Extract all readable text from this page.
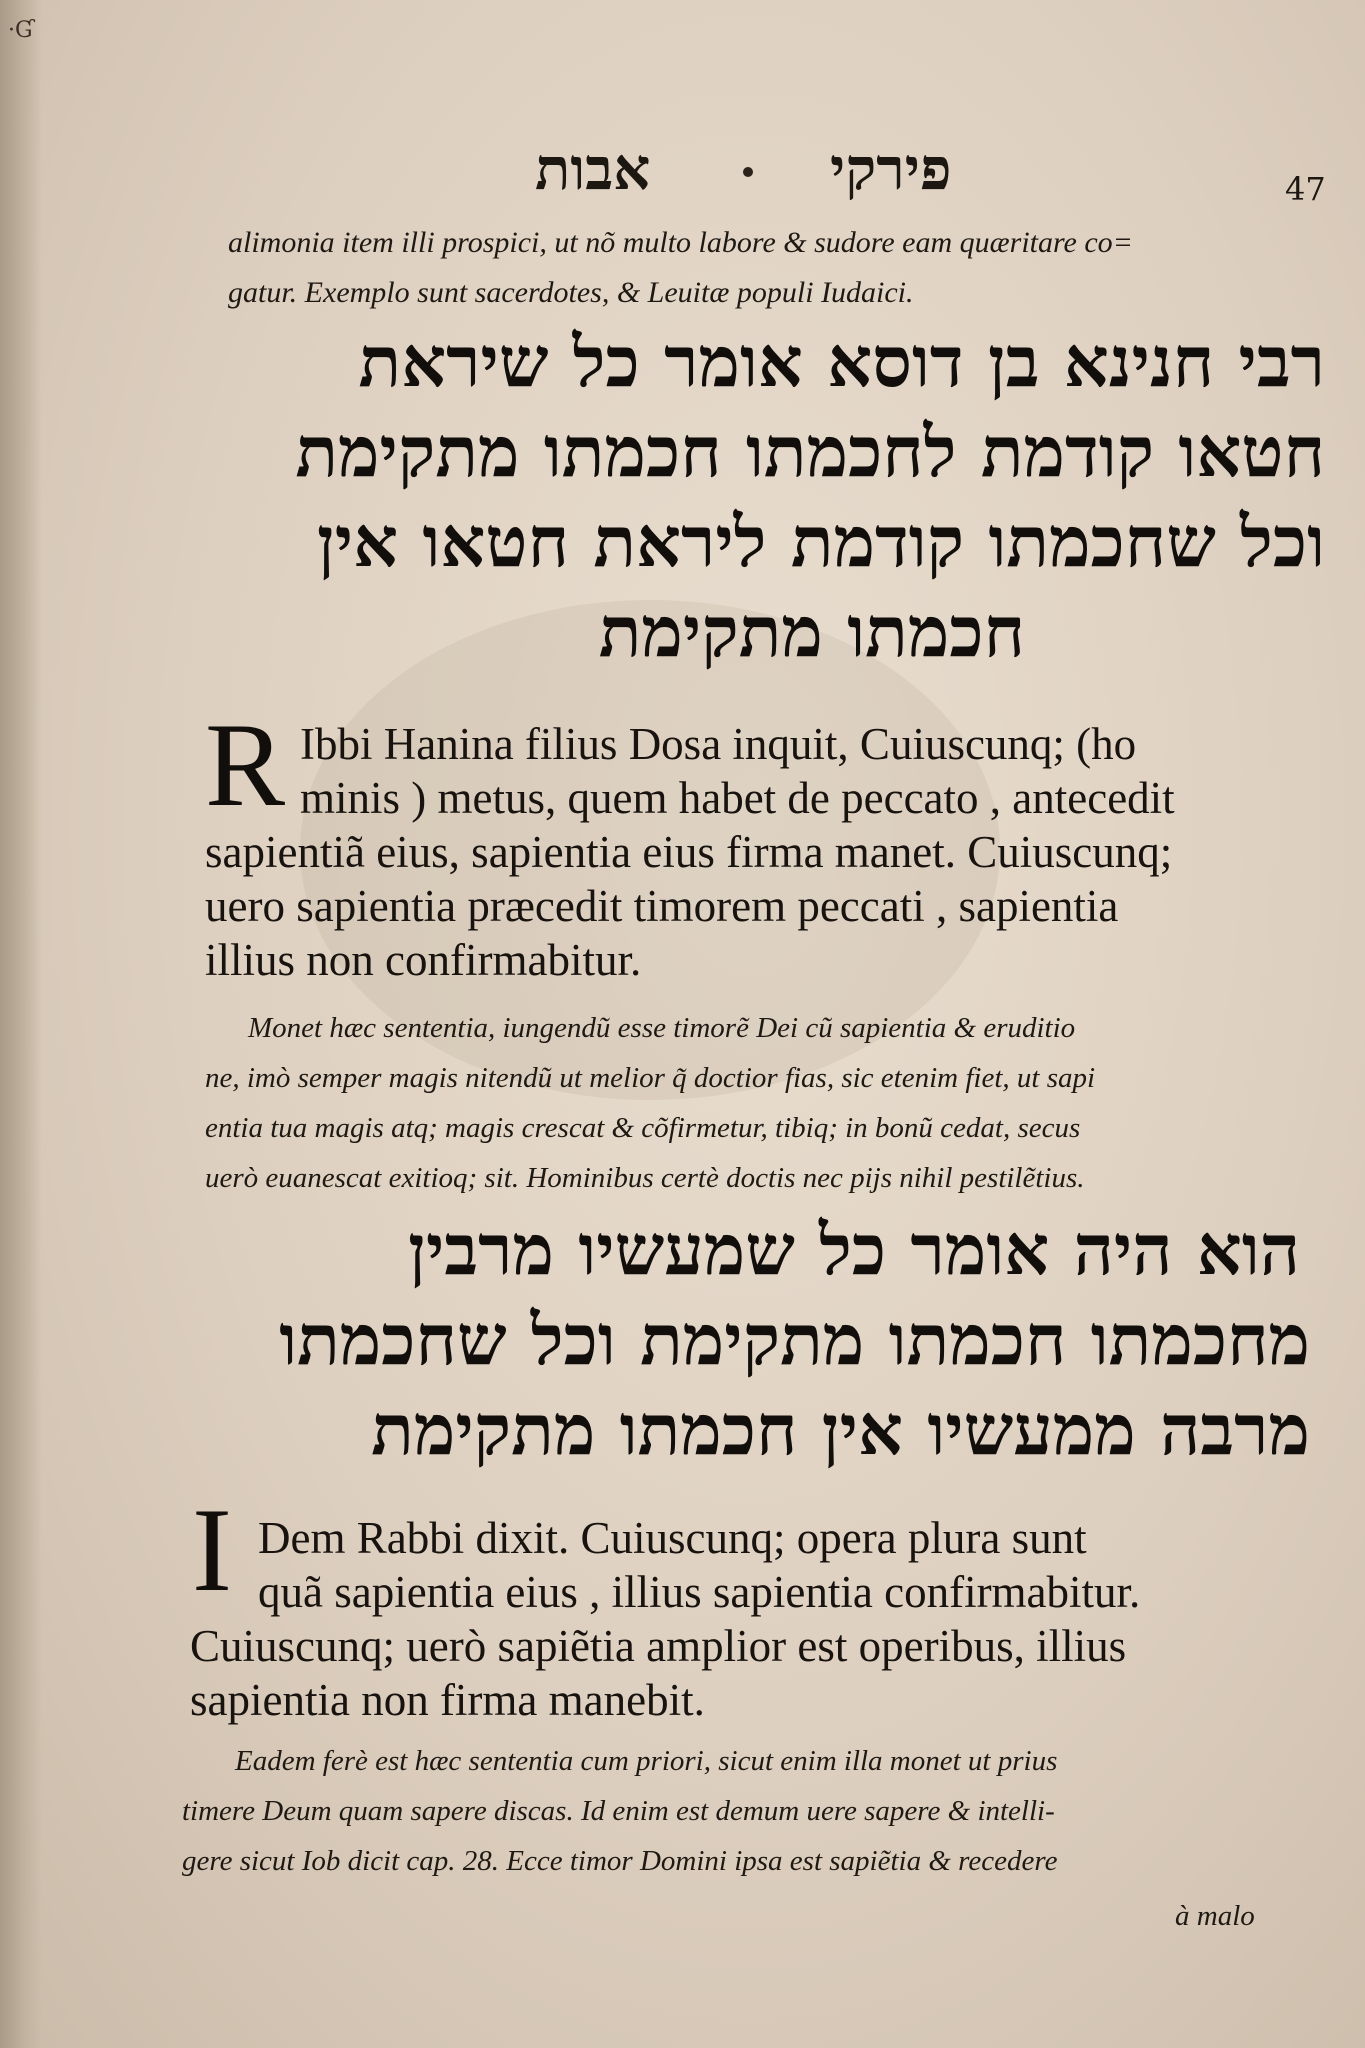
·Ɠ
אבות	פירקי	47
alimonia item illi prospici, ut nõ multo labore & sudore eam quæritare co=
gatur. Exemplo sunt sacerdotes, & Leuitæ populi Iudaici.
רבי חנינא בן דוסא אומר כל שיראת
חטאו קודמת לחכמתו חכמתו מתקימת
וכל שחכמתו קודמת ליראת חטאו אין
חכמתו מתקימת
R Ibbi Hanina filius Dosa inquit, Cuiuscunq; (ho
minis ) metus, quem habet de peccato , antecedit
sapientiã eius, sapientia eius firma manet. Cuiuscunq;
uero sapientia præcedit timorem peccati , sapientia
illius non confirmabitur.
Monet hæc sententia, iungendũ esse timorẽ Dei cũ sapientia & eruditio
ne, imò semper magis nitendũ ut melior q̃ doctior fias, sic etenim fiet, ut sapi
entia tua magis atq; magis crescat & cõfirmetur, tibiq; in bonũ cedat, secus
uerò euanescat exitioq; sit. Hominibus certè doctis nec pijs nihil pestilẽtius.
הוא היה אומר כל שמעשיו מרבין
מחכמתו חכמתו מתקימת וכל שחכמתו
מרבה ממעשיו אין חכמתו מתקימת
I Dem Rabbi dixit. Cuiuscunq; opera plura sunt
quã sapientia eius , illius sapientia confirmabitur.
Cuiuscunq; uerò sapiẽtia amplior est operibus, illius
sapientia non firma manebit.
Eadem ferè est hæc sententia cum priori, sicut enim illa monet ut prius
timere Deum quam sapere discas. Id enim est demum uere sapere & intelli-
gere sicut Iob dicit cap. 28. Ecce timor Domini ipsa est sapiẽtia & recedere
à malo
